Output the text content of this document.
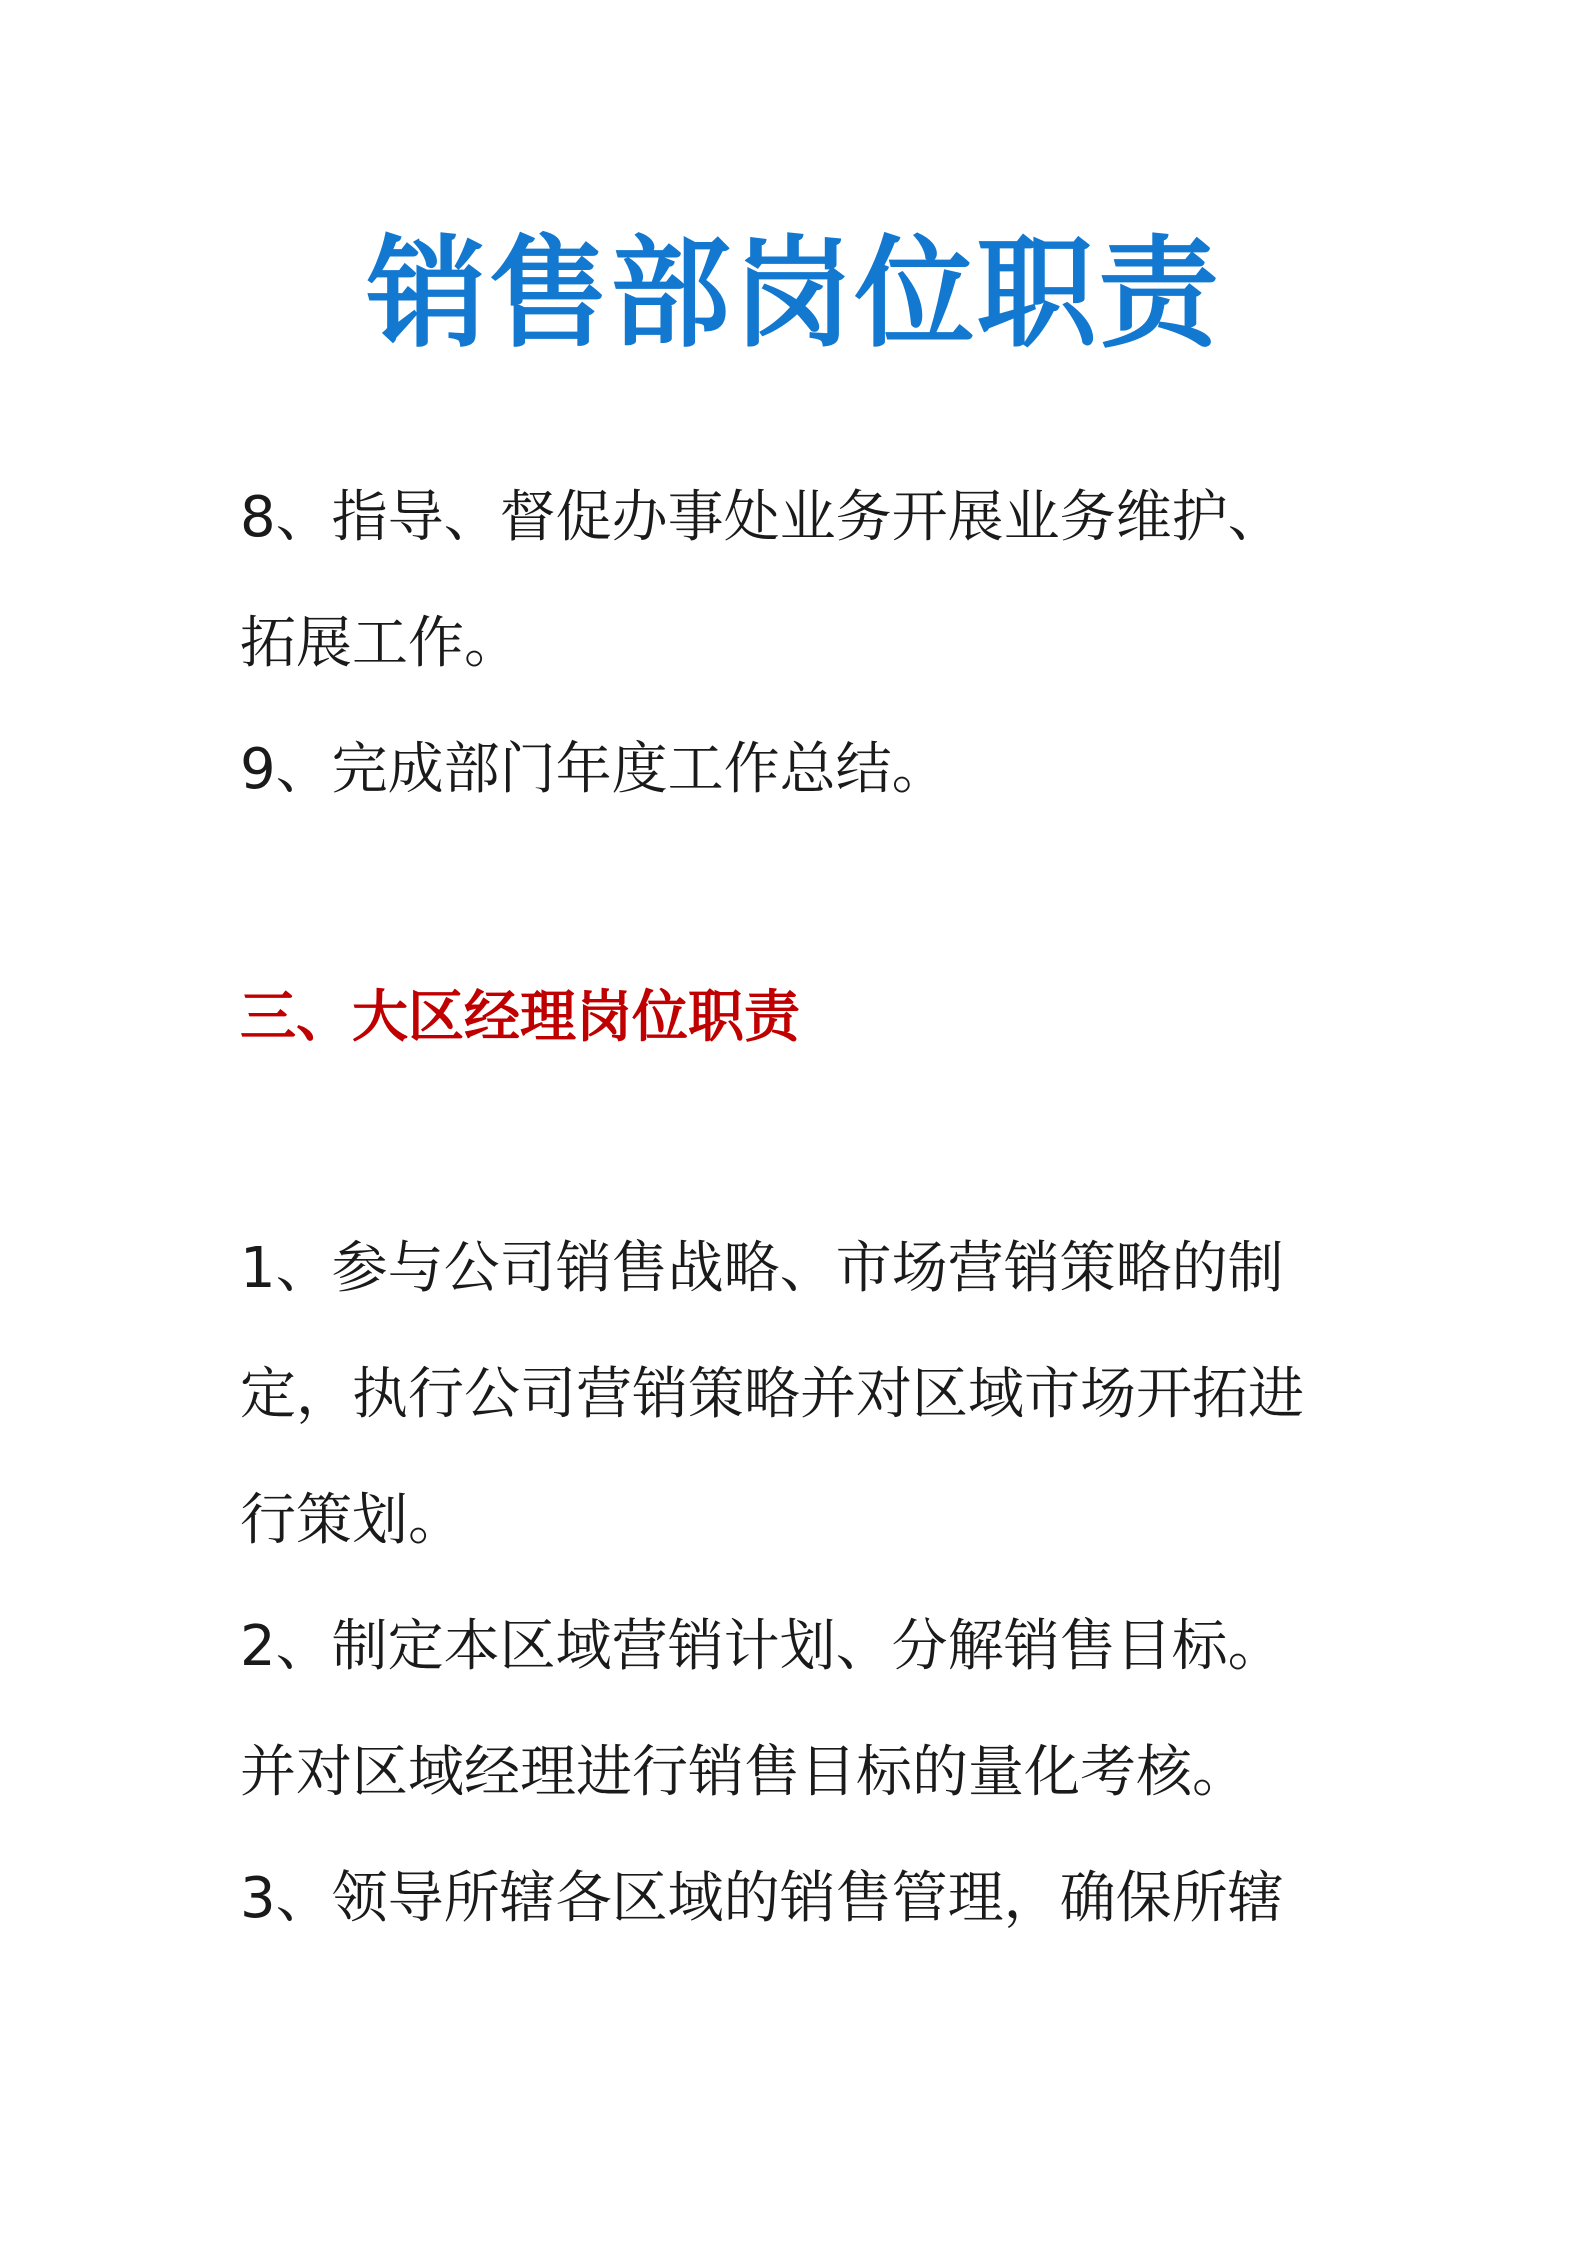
销售部岗位职责
8、指导、督促办事处业务开展业务维护、
拓展工作。
9、完成部门年度工作总结。
三、大区经理岗位职责
1、参与公司销售战略、市场营销策略的制
定，执行公司营销策略并对区域市场开拓进
行策划。
2、制定本区域营销计划、分解销售目标。
并对区域经理进行销售目标的量化考核。
3、领导所辖各区域的销售管理，确保所辖
